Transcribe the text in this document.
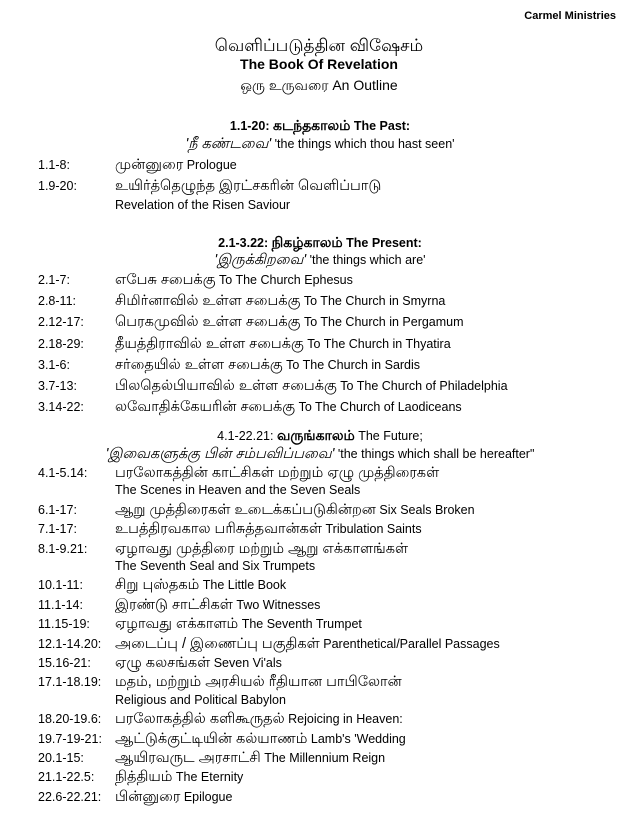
Carmel Ministries
வெளிப்படுத்தின விஷேசம்
The Book Of Revelation
ஒரு உருவரை An Outline
1.1-20: கடந்தகாலம் The Past:
'நீ கண்டவை' 'the things which thou hast seen'
1.1-8:	முன்னுரை Prologue
1.9-20:	உயிர்த்தெழுந்த இரட்சகரின் வெளிப்பாடு
Revelation of the Risen Saviour
2.1-3.22: நிகழ்காலம் The Present:
'இருக்கிறவை' 'the things which are'
2.1-7:	எபேசு சபைக்கு To The Church Ephesus
2.8-11:	சிமிர்னாவில் உள்ள சபைக்கு To The Church in Smyrna
2.12-17:	பெரகமுவில் உள்ள சபைக்கு To The Church in Pergamum
2.18-29:	தீயத்திராவில் உள்ள சபைக்கு To The Church in Thyatira
3.1-6:	சர்தையில் உள்ள சபைக்கு To The Church in Sardis
3.7-13:	பிலதெல்பியாவில் உள்ள சபைக்கு To The Church of Philadelphia
3.14-22:	லவோதிக்கேயரின் சபைக்கு To The Church of Laodiceans
4.1-22.21: வருங்காலம் The Future;
'இவைகளுக்கு பின் சம்பவிப்பவை' 'the things which shall be hereafter"
4.1-5.14:	பரலோகத்தின் காட்சிகள் மற்றும் ஏழு முத்திரைகள்
The Scenes in Heaven and the Seven Seals
6.1-17:	ஆறு முத்திரைகள் உடைக்கப்படுகின்றன Six Seals Broken
7.1-17:	உபத்திரவகால பரிசுத்தவான்கள் Tribulation Saints
8.1-9.21:	ஏழாவது முத்திரை மற்றும் ஆறு எக்காளங்கள்
The Seventh Seal and Six Trumpets
10.1-11:	சிறு புஸ்தகம் The Little Book
11.1-14:	இரண்டு சாட்சிகள் Two Witnesses
11.15-19:	ஏழாவது எக்காளம் The Seventh Trumpet
12.1-14.20: அடைப்பு / இணைப்பு பகுதிகள் Parenthetical/Parallel Passages
15.16-21:	ஏழு கலசங்கள் Seven Vi'als
17.1-18.19: மதம், மற்றும் அரசியல் ரீதியான பாபிலோன்
Religious and Political Babylon
18.20-19.6: பரலோகத்தில் களிகூருதல் Rejoicing in Heaven:
19.7-19-21: ஆட்டுக்குட்டியின் கல்யாணம் Lamb's 'Wedding
20.1-15:	ஆயிரவருட அரசாட்சி The Millennium Reign
21.1-22.5:	நித்தியம் The Eternity
22.6-22.21: பின்னுரை Epilogue
